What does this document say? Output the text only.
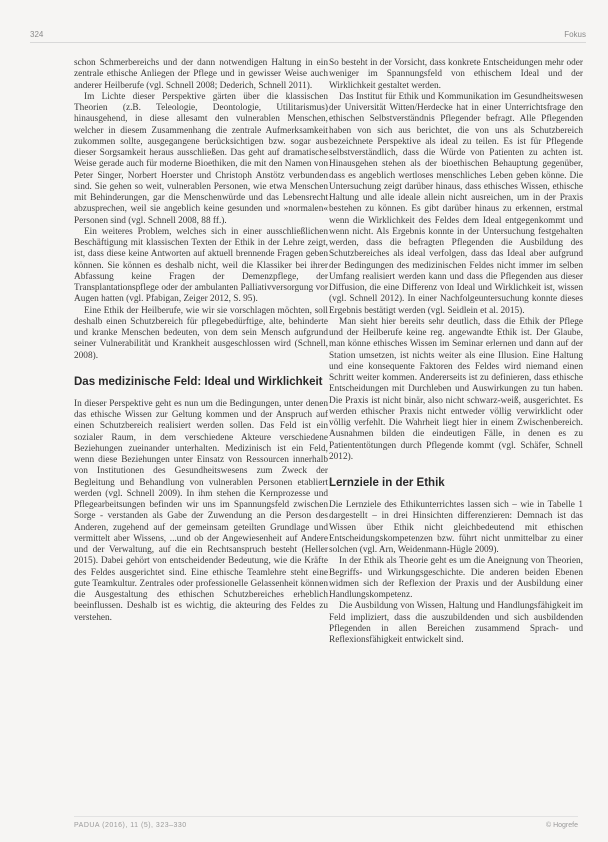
324	Fokus

schon Schmerbereichs und der dann notwendigen Haltung in ein zentrale ethische Anliegen der Pflege und in gewisser Weise auch anderer Heilberufe (vgl. Schnell 2008; Dederich, Schnell 2011).

Im Lichte dieser Perspektive gärten über die klassischen Theorien (z.B. Teleologie, Deontologie, Utilitarismus) hinausgehend, in diese allesamt den vulnerablen Menschen, welcher in diesem Zusammenhang die zentrale Aufmerksamkeit zukommen sollte, ausgegangene berücksichtigen bzw. sogar aus dieser Sorgsamkeit heraus ausschließen. Das geht auf dramatische Weise gerade auch für moderne Bioethiken, die mit den Namen von Peter Singer, Norbert Hoerster und Christoph Anstötz verbunden sind. Sie gehen so weit, vulnerablen Personen, wie etwa Menschen mit Behinderungen, gar die Menschenwürde und das Lebensrecht abzusprechen, weil sie angeblich keine gesunden und »normalen« Personen sind (vgl. Schnell 2008, 88 ff.).

Ein weiteres Problem, welches sich in einer ausschließlichen Beschäftigung mit klassischen Texten der Ethik in der Lehre zeigt, ist, dass diese keine Antworten auf aktuell brennende Fragen geben können. Sie können es deshalb nicht, weil die Klassiker bei ihrer Abfassung keine Fragen der Demenzpflege, der Transplantationspflege oder der ambulanten Palliativversorgung vor Augen hatten (vgl. Pfabigan, Zeiger 2012, S. 95).

Eine Ethik der Heilberufe, wie wir sie vorschlagen möchten, soll deshalb einen Schutzbereich für pflegebedürftige, alte, behinderte und kranke Menschen bedeuten, von dem sein Mensch aufgrund seiner Vulnerabilität und Krankheit ausgeschlossen wird (Schnell, 2008).

Das medizinische Feld: Ideal und Wirklichkeit

In dieser Perspektive geht es nun um die Bedingungen, unter denen das ethische Wissen zur Geltung kommen und der Anspruch auf einen Schutzbereich realisiert werden sollen. Das Feld ist ein sozialer Raum, in dem verschiedene Akteure verschiedene Beziehungen zueinander unterhalten. Medizinisch ist ein Feld, wenn diese Beziehungen unter Einsatz von Ressourcen innerhalb von Institutionen des Gesundheitswesens zum Zweck der Begleitung und Behandlung von vulnerablen Personen etabliert werden (vgl. Schnell 2009). In ihm stehen die Kernprozesse und Pflegearbeitsungen befinden wir uns im Spannungsfeld zwischen Sorge - verstanden als Gabe der Zuwendung an die Person des Anderen, zugehend auf der gemeinsam geteilten Grundlage und vermittelt aber Wissens, ...und ob der Angewiesenheit auf Andere und der Verwaltung, auf die ein Rechtsanspruch besteht (Heller 2015). Dabei gehört von entscheidender Bedeutung, wie die Kräfte des Feldes ausgerichtet sind. Eine ethische Teamlehre steht eine gute Teamkultur. Zentrales oder professionelle Gelassenheit können die Ausgestaltung des ethischen Schutzbereiches erheblich beeinflussen. Deshalb ist es wichtig, die akteuring des Feldes zu verstehen.

So besteht in der Vorsicht, dass konkrete Entscheidungen mehr oder weniger im Spannungsfeld von ethischem Ideal und der Wirklichkeit gestaltet werden.

Das Institut für Ethik und Kommunikation im Gesundheitswesen der Universität Witten/Herdecke hat in einer Unterrichtsfrage den ethischen Selbstverständnis Pflegender befragt. Alle Pflegenden haben von sich aus berichtet, die von uns als Schutzbereich bezeichnete Perspektive als ideal zu teilen. Es ist für Pflegende selbstverständlich, dass die Würde von Patienten zu achten ist. Hinausgehen stehen als der bioethischen Behauptung gegenüber, dass es angeblich wertloses menschliches Leben geben könne. Die Untersuchung zeigt darüber hinaus, dass ethisches Wissen, ethische Haltung und alle ideale allein nicht ausreichen, um in der Praxis bestehen zu können. Es gibt darüber hinaus zu erkennen, erstmal wenn die Wirklichkeit des Feldes dem Ideal entgegenkommt und wenn nicht. Als Ergebnis konnte in der Untersuchung festgehalten werden, dass die befragten Pflegenden die Ausbildung des Schutzbereiches als ideal verfolgen, dass das Ideal aber aufgrund der Bedingungen des medizinischen Feldes nicht immer im selben Umfang realisiert werden kann und dass die Pflegenden aus dieser Diffusion, die eine Differenz von Ideal und Wirklichkeit ist, wissen (vgl. Schnell 2012). In einer Nachfolgeuntersuchung konnte dieses Ergebnis bestätigt werden (vgl. Seidlein et al. 2015).

Man sieht hier bereits sehr deutlich, dass die Ethik der Pflege und der Heilberufe keine reg. angewandte Ethik ist. Der Glaube, man könne ethisches Wissen im Seminar erlernen und dann auf der Station umsetzen, ist nichts weiter als eine Illusion. Eine Haltung und eine konsequente Faktoren des Feldes wird niemand einen Schritt weiter kommen. Andererseits ist zu definieren, dass ethische Entscheidungen mit Durchleben und Auswirkungen zu tun haben. Die Praxis ist nicht binär, also nicht schwarz-weiß, ausgerichtet. Es werden ethischer Praxis nicht entweder völlig verwirklicht oder völlig verfehlt. Die Wahrheit liegt hier in einem Zwischenbereich. Ausnahmen bilden die eindeutigen Fälle, in denen es zu Patiententötungen durch Pflegende kommt (vgl. Schäfer, Schnell 2012).

Lernziele in der Ethik

Die Lernziele des Ethikunterrichtes lassen sich – wie in Tabelle 1 dargestellt – in drei Hinsichten differenzieren: Demnach ist das Wissen über Ethik nicht gleichbedeutend mit ethischen Entscheidungskompetenzen bzw. führt nicht unmittelbar zu einer solchen (vgl. Arn, Weidenmann-Hügle 2009).

In der Ethik als Theorie geht es um die Aneignung von Theorien, Begriffs- und Wirkungsgeschichte. Die anderen beiden Ebenen widmen sich der Reflexion der Praxis und der Ausbildung einer Handlungskompetenz.

Die Ausbildung von Wissen, Haltung und Handlungsfähigkeit im Feld impliziert, dass die auszubildenden und sich ausbildenden Pflegenden in allen Bereichen zusammend Sprach- und Reflexionsfähigkeit entwickelt sind.

PADUA (2016), 11 (5), 323–330	© Hogrefe
